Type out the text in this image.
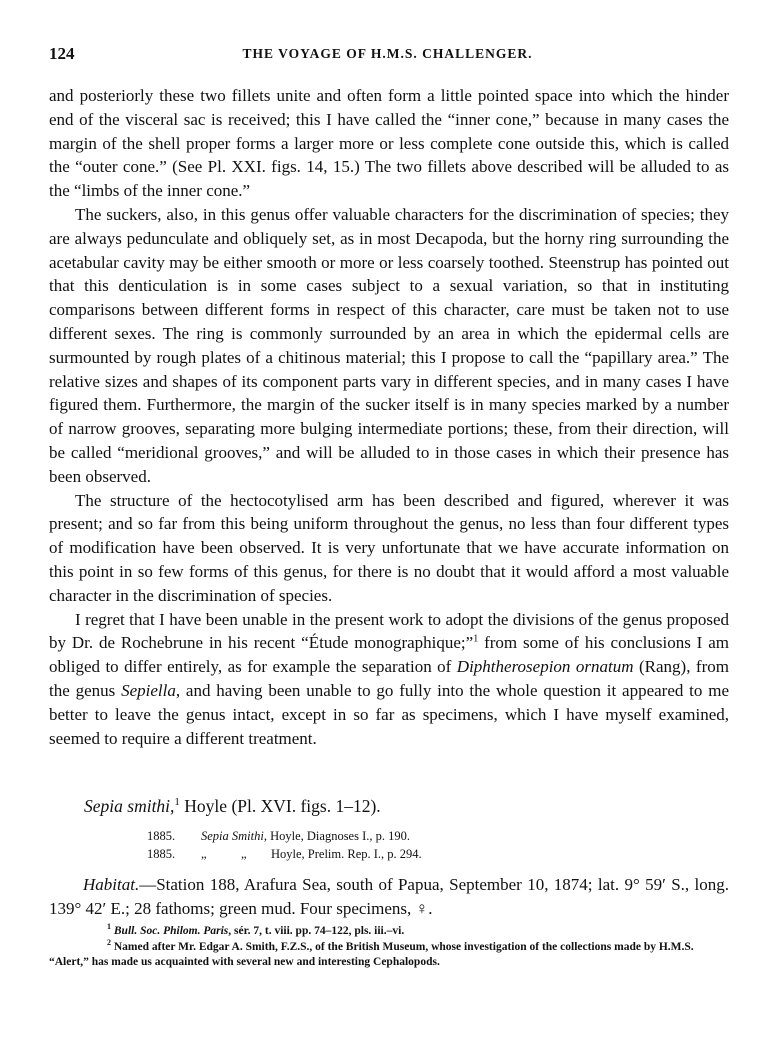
124	THE VOYAGE OF H.M.S. CHALLENGER.

and posteriorly these two fillets unite and often form a little pointed space into which the hinder end of the visceral sac is received; this I have called the “inner cone,” because in many cases the margin of the shell proper forms a larger more or less complete cone outside this, which is called the “outer cone.” (See Pl. XXI. figs. 14, 15.) The two fillets above described will be alluded to as the “limbs of the inner cone.”

The suckers, also, in this genus offer valuable characters for the discrimination of species; they are always pedunculate and obliquely set, as in most Decapoda, but the horny ring surrounding the acetabular cavity may be either smooth or more or less coarsely toothed. Steenstrup has pointed out that this denticulation is in some cases subject to a sexual variation, so that in instituting comparisons between different forms in respect of this character, care must be taken not to use different sexes. The ring is commonly surrounded by an area in which the epidermal cells are surmounted by rough plates of a chitinous material; this I propose to call the “papillary area.” The relative sizes and shapes of its component parts vary in different species, and in many cases I have figured them. Furthermore, the margin of the sucker itself is in many species marked by a number of narrow grooves, separating more bulging intermediate portions; these, from their direction, will be called “meridional grooves,” and will be alluded to in those cases in which their presence has been observed.

The structure of the hectocotylised arm has been described and figured, wherever it was present; and so far from this being uniform throughout the genus, no less than four different types of modification have been observed. It is very unfortunate that we have accurate information on this point in so few forms of this genus, for there is no doubt that it would afford a most valuable character in the discrimination of species.

I regret that I have been unable in the present work to adopt the divisions of the genus proposed by Dr. de Rochebrune in his recent “Étude monographique;”$^1$ from some of his conclusions I am obliged to differ entirely, as for example the separation of Diphtherosepion ornatum (Rang), from the genus Sepiella, and having been unable to go fully into the whole question it appeared to me better to leave the genus intact, except in so far as specimens, which I have myself examined, seemed to require a different treatment.

Sepia smithi,$^1$ Hoyle (Pl. XVI. figs. 1–12).
1885.	Sepia Smithi, Hoyle, Diagnoses I., p. 190.
1885.	„	„	Hoyle, Prelim. Rep. I., p. 294.
Habitat.—Station 188, Arafura Sea, south of Papua, September 10, 1874; lat. 9° 59′ S., long. 139° 42′ E.; 28 fathoms; green mud. Four specimens, ♀.

$^1$ Bull. Soc. Philom. Paris, sér. 7, t. viii. pp. 74–122, pls. iii.–vi.

$^2$ Named after Mr. Edgar A. Smith, F.Z.S., of the British Museum, whose investigation of the collections made by H.M.S. “Alert,” has made us acquainted with several new and interesting Cephalopods.
